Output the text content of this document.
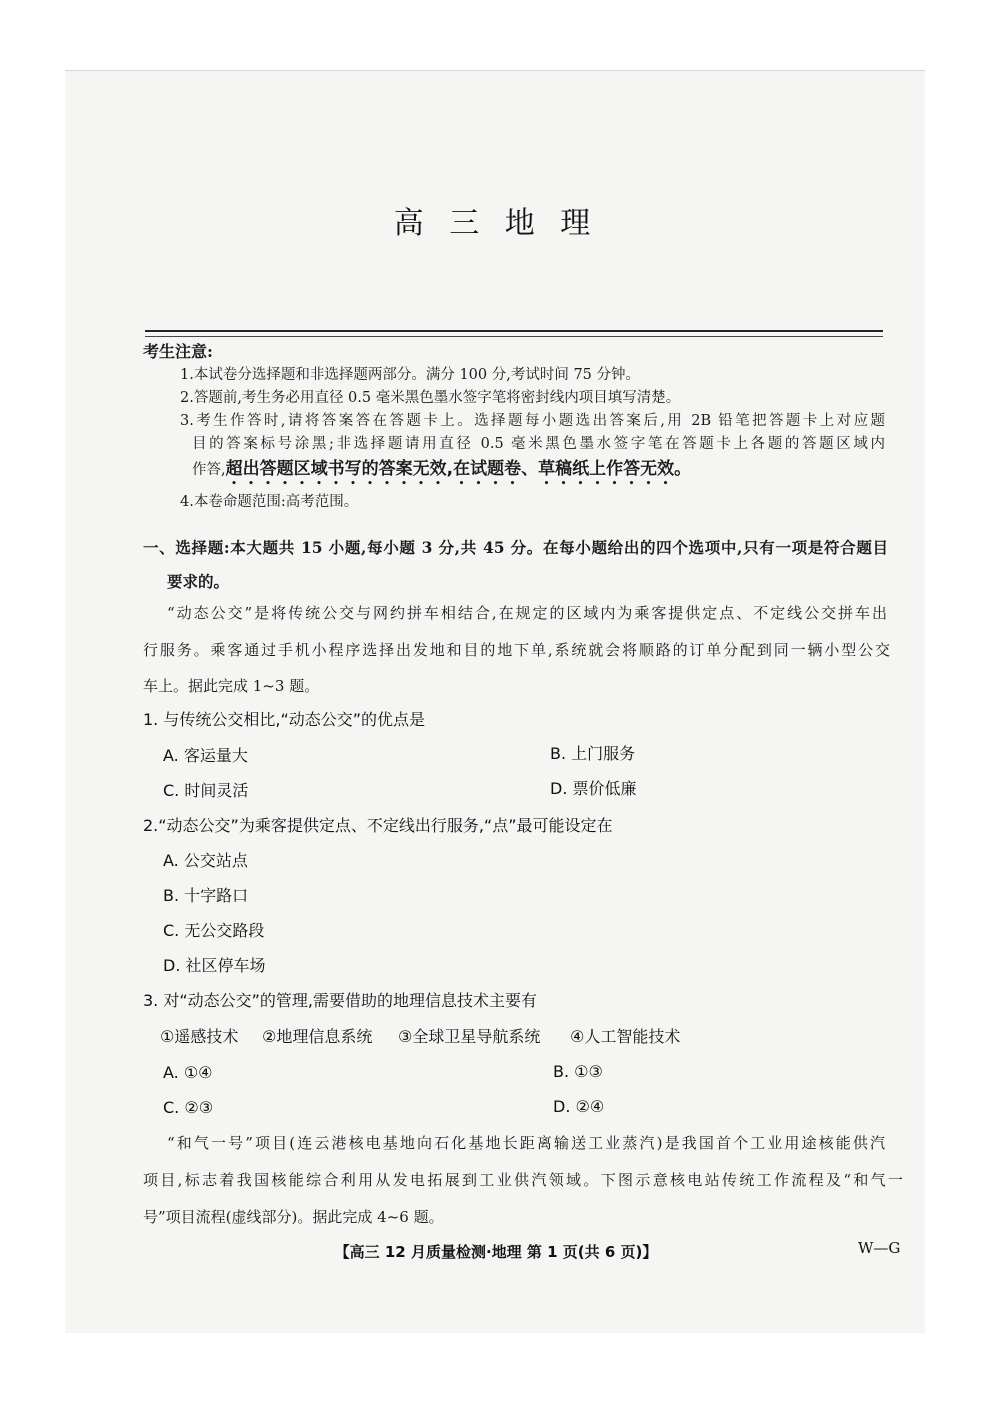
高 三 地 理
考生注意:
1.本试卷分选择题和非选择题两部分。满分 100 分,考试时间 75 分钟。
2.答题前,考生务必用直径 0.5 毫米黑色墨水签字笔将密封线内项目填写清楚。
3.考生作答时,请将答案答在答题卡上。选择题每小题选出答案后,用 2B 铅笔把答题卡上对应题
目的答案标号涂黑;非选择题请用直径 0.5 毫米黑色墨水签字笔在答题卡上各题的答题区域内
作答,超出答题区域书写的答案无效,在试题卷、草稿纸上作答无效。
4.本卷命题范围:高考范围。
一、选择题:本大题共 15 小题,每小题 3 分,共 45 分。在每小题给出的四个选项中,只有一项是符合题目
要求的。
“动态公交”是将传统公交与网约拼车相结合,在规定的区域内为乘客提供定点、不定线公交拼车出
行服务。乘客通过手机小程序选择出发地和目的地下单,系统就会将顺路的订单分配到同一辆小型公交
车上。据此完成 1~3 题。
1. 与传统公交相比,“动态公交”的优点是
A. 客运量大	B. 上门服务
C. 时间灵活	D. 票价低廉
2.“动态公交”为乘客提供定点、不定线出行服务,“点”最可能设定在
A. 公交站点
B. 十字路口
C. 无公交路段
D. 社区停车场
3. 对“动态公交”的管理,需要借助的地理信息技术主要有
①遥感技术 ②地理信息系统 ③全球卫星导航系统 ④人工智能技术
A. ①④	B. ①③
C. ②③	D. ②④
“和气一号”项目(连云港核电基地向石化基地长距离输送工业蒸汽)是我国首个工业用途核能供汽
项目,标志着我国核能综合利用从发电拓展到工业供汽领域。下图示意核电站传统工作流程及“和气一
号”项目流程(虚线部分)。据此完成 4~6 题。
【高三 12 月质量检测·地理 第 1 页(共 6 页)】	W—G
